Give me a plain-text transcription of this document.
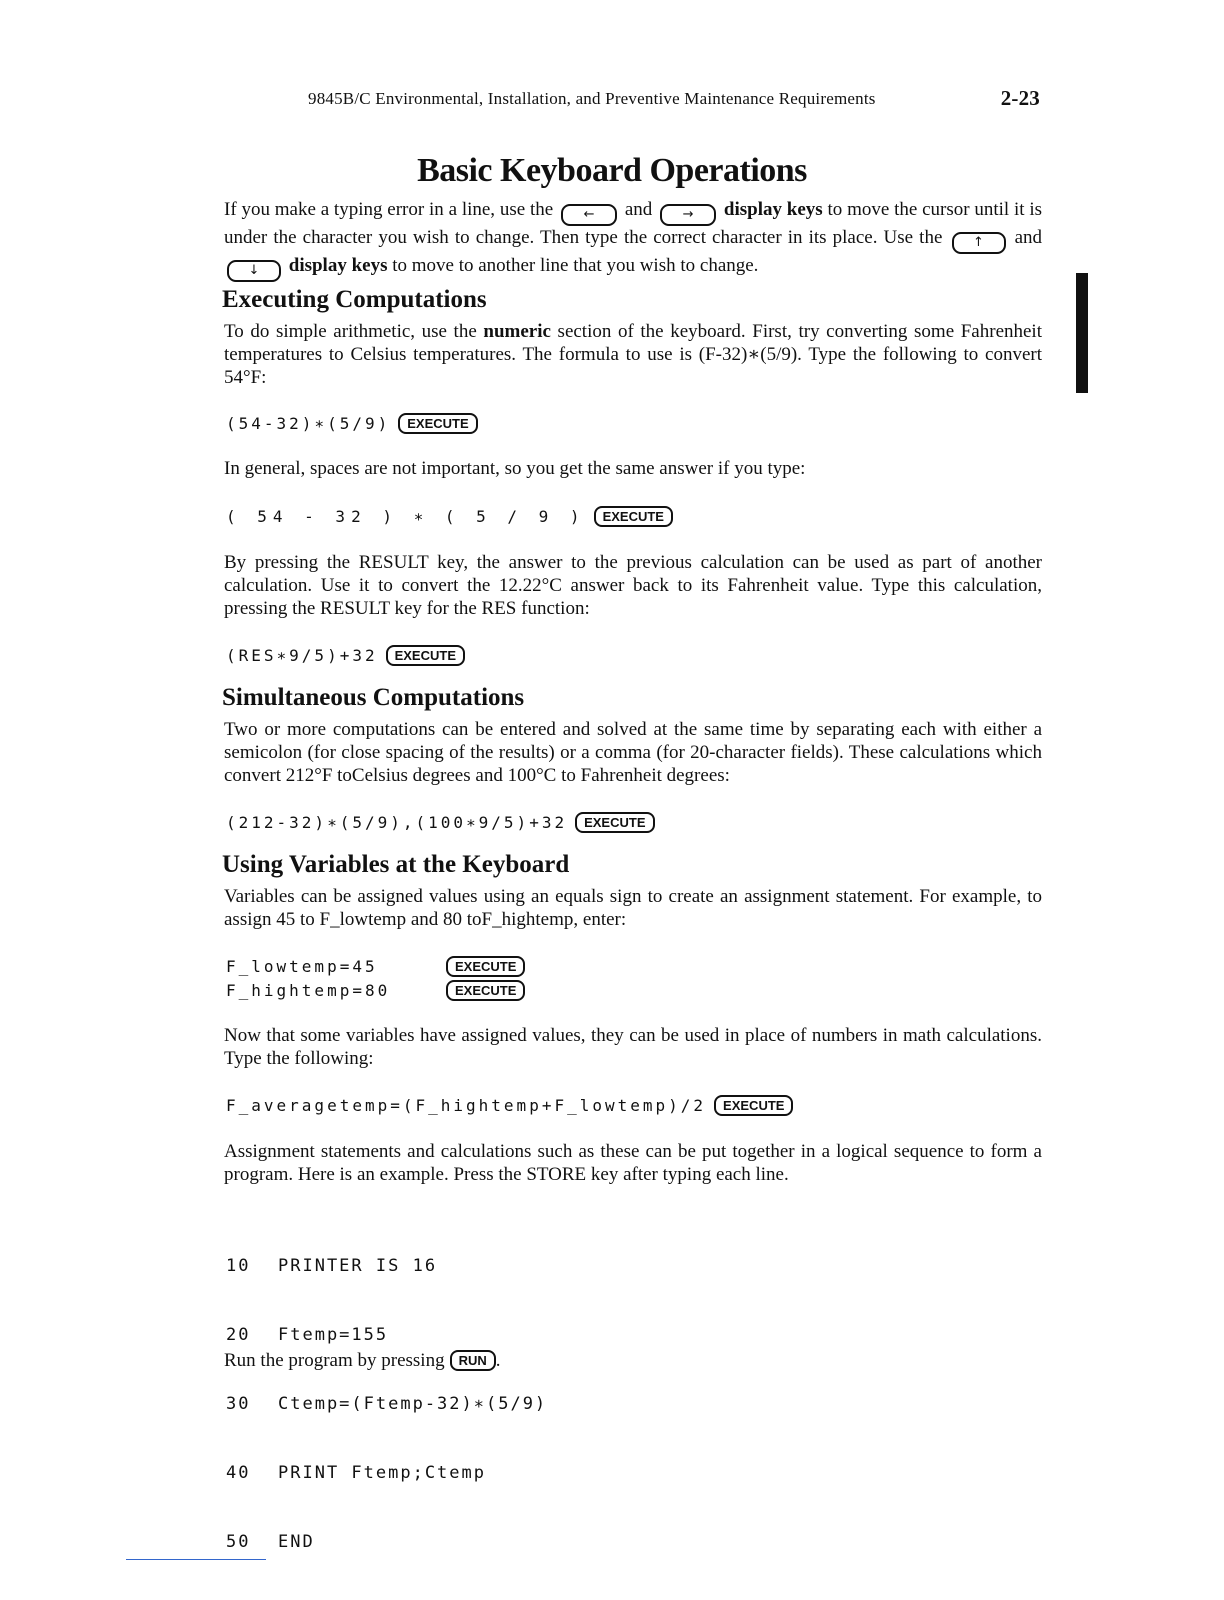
9845B/C Environmental, Installation, and Preventive Maintenance Requirements	2-23
Basic Keyboard Operations

If you make a typing error in a line, use the ← and → display keys to move the cursor until it is under the character you wish to change. Then type the correct character in its place. Use the ↑ and ↓ display keys to move to another line that you wish to change.

Executing Computations

To do simple arithmetic, use the numeric section of the keyboard. First, try converting some Fahrenheit temperatures to Celsius temperatures. The formula to use is (F-32)∗(5/9). Type the following to convert 54°F:

(54-32)∗(5/9) EXECUTE

In general, spaces are not important, so you get the same answer if you type:

( 54 - 32 ) ∗ ( 5 / 9 ) EXECUTE

By pressing the RESULT key, the answer to the previous calculation can be used as part of another calculation. Use it to convert the 12.22°C answer back to its Fahrenheit value. Type this calculation, pressing the RESULT key for the RES function:

(RES∗9/5)+32 EXECUTE
Simultaneous Computations

Two or more computations can be entered and solved at the same time by separating each with either a semicolon (for close spacing of the results) or a comma (for 20-character fields). These calculations which convert 212°F toCelsius degrees and 100°C to Fahrenheit degrees:

(212-32)∗(5/9),(100∗9/5)+32 EXECUTE
Using Variables at the Keyboard

Variables can be assigned values using an equals sign to create an assignment statement. For example, to assign 45 to F_lowtemp and 80 toF_hightemp, enter:

F_lowtemp=45	EXECUTE
F_hightemp=80	EXECUTE

Now that some variables have assigned values, they can be used in place of numbers in math calculations. Type the following:

F_averagetemp=(F_hightemp+F_lowtemp)/2 EXECUTE

Assignment statements and calculations such as these can be put together in a logical sequence to form a program. Here is an example. Press the STORE key after typing each line.

10 PRINTER IS 16

20 Ftemp=155

30 Ctemp=(Ftemp-32)∗(5/9)

40 PRINT Ftemp;Ctemp

50 END

Run the program by pressing RUN .
